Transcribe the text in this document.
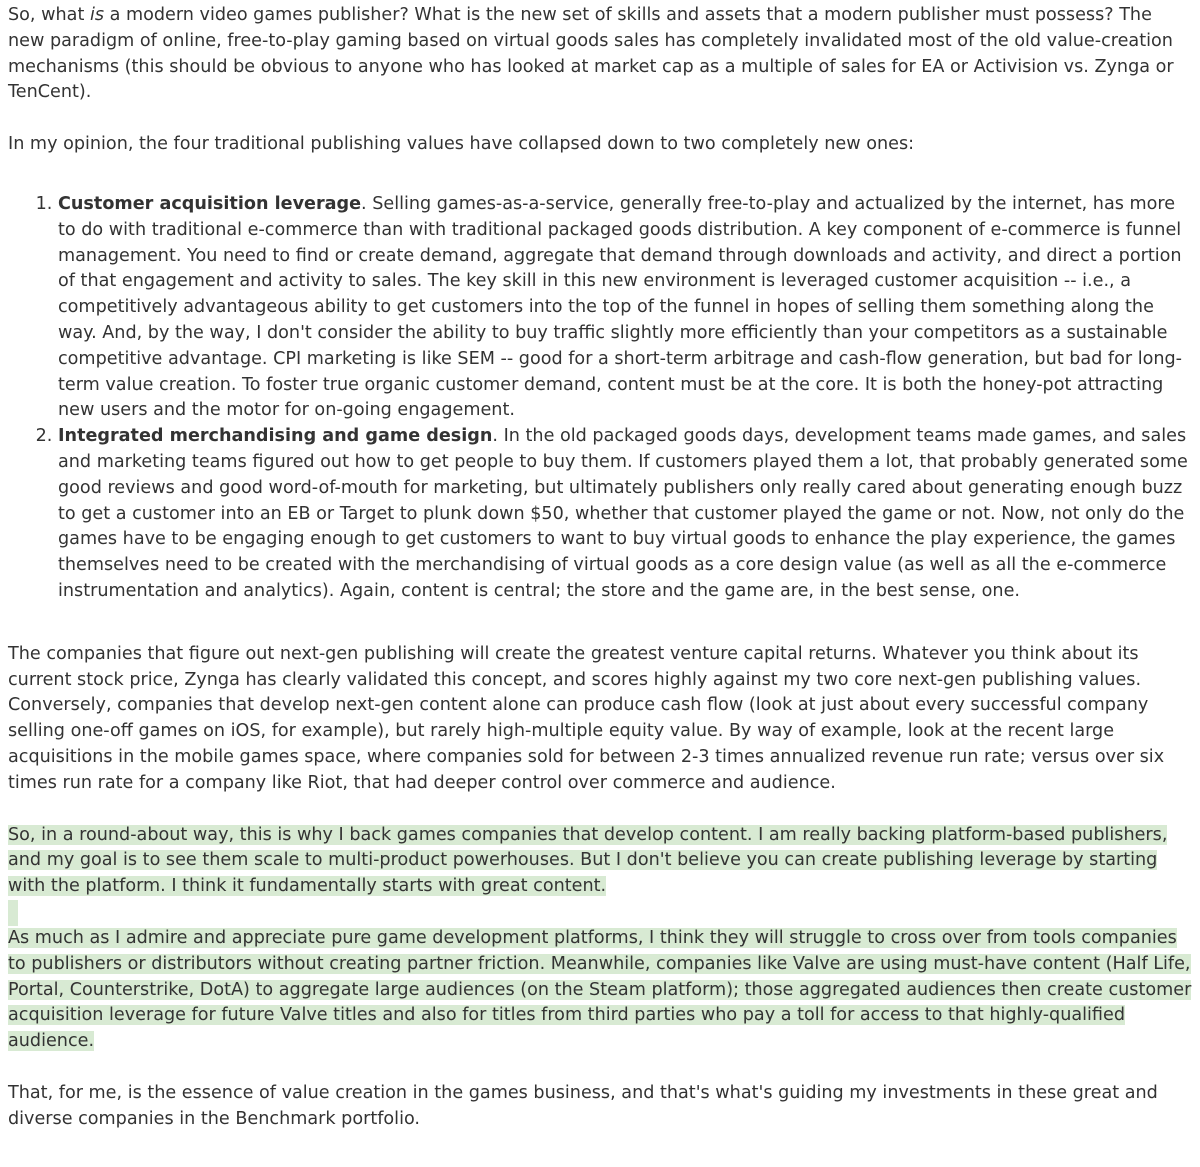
So, what is a modern video games publisher? What is the new set of skills and assets that a modern publisher must possess? The new paradigm of online, free-to-play gaming based on virtual goods sales has completely invalidated most of the old value-creation mechanisms (this should be obvious to anyone who has looked at market cap as a multiple of sales for EA or Activision vs. Zynga or TenCent).

In my opinion, the four traditional publishing values have collapsed down to two completely new ones:

1. Customer acquisition leverage. Selling games-as-a-service, generally free-to-play and actualized by the internet, has more to do with traditional e-commerce than with traditional packaged goods distribution. A key component of e-commerce is funnel management. You need to find or create demand, aggregate that demand through downloads and activity, and direct a portion of that engagement and activity to sales. The key skill in this new environment is leveraged customer acquisition -- i.e., a competitively advantageous ability to get customers into the top of the funnel in hopes of selling them something along the way. And, by the way, I don't consider the ability to buy traffic slightly more efficiently than your competitors as a sustainable competitive advantage. CPI marketing is like SEM -- good for a short-term arbitrage and cash-flow generation, but bad for long-term value creation. To foster true organic customer demand, content must be at the core. It is both the honey-pot attracting new users and the motor for on-going engagement.
2. Integrated merchandising and game design. In the old packaged goods days, development teams made games, and sales and marketing teams figured out how to get people to buy them. If customers played them a lot, that probably generated some good reviews and good word-of-mouth for marketing, but ultimately publishers only really cared about generating enough buzz to get a customer into an EB or Target to plunk down $50, whether that customer played the game or not. Now, not only do the games have to be engaging enough to get customers to want to buy virtual goods to enhance the play experience, the games themselves need to be created with the merchandising of virtual goods as a core design value (as well as all the e-commerce instrumentation and analytics). Again, content is central; the store and the game are, in the best sense, one.

The companies that figure out next-gen publishing will create the greatest venture capital returns. Whatever you think about its current stock price, Zynga has clearly validated this concept, and scores highly against my two core next-gen publishing values. Conversely, companies that develop next-gen content alone can produce cash flow (look at just about every successful company selling one-off games on iOS, for example), but rarely high-multiple equity value. By way of example, look at the recent large acquisitions in the mobile games space, where companies sold for between 2-3 times annualized revenue run rate; versus over six times run rate for a company like Riot, that had deeper control over commerce and audience.

So, in a round-about way, this is why I back games companies that develop content. I am really backing platform-based publishers, and my goal is to see them scale to multi-product powerhouses. But I don't believe you can create publishing leverage by starting with the platform. I think it fundamentally starts with great content.

As much as I admire and appreciate pure game development platforms, I think they will struggle to cross over from tools companies to publishers or distributors without creating partner friction. Meanwhile, companies like Valve are using must-have content (Half Life, Portal, Counterstrike, DotA) to aggregate large audiences (on the Steam platform); those aggregated audiences then create customer acquisition leverage for future Valve titles and also for titles from third parties who pay a toll for access to that highly-qualified audience.

That, for me, is the essence of value creation in the games business, and that's what's guiding my investments in these great and diverse companies in the Benchmark portfolio.
